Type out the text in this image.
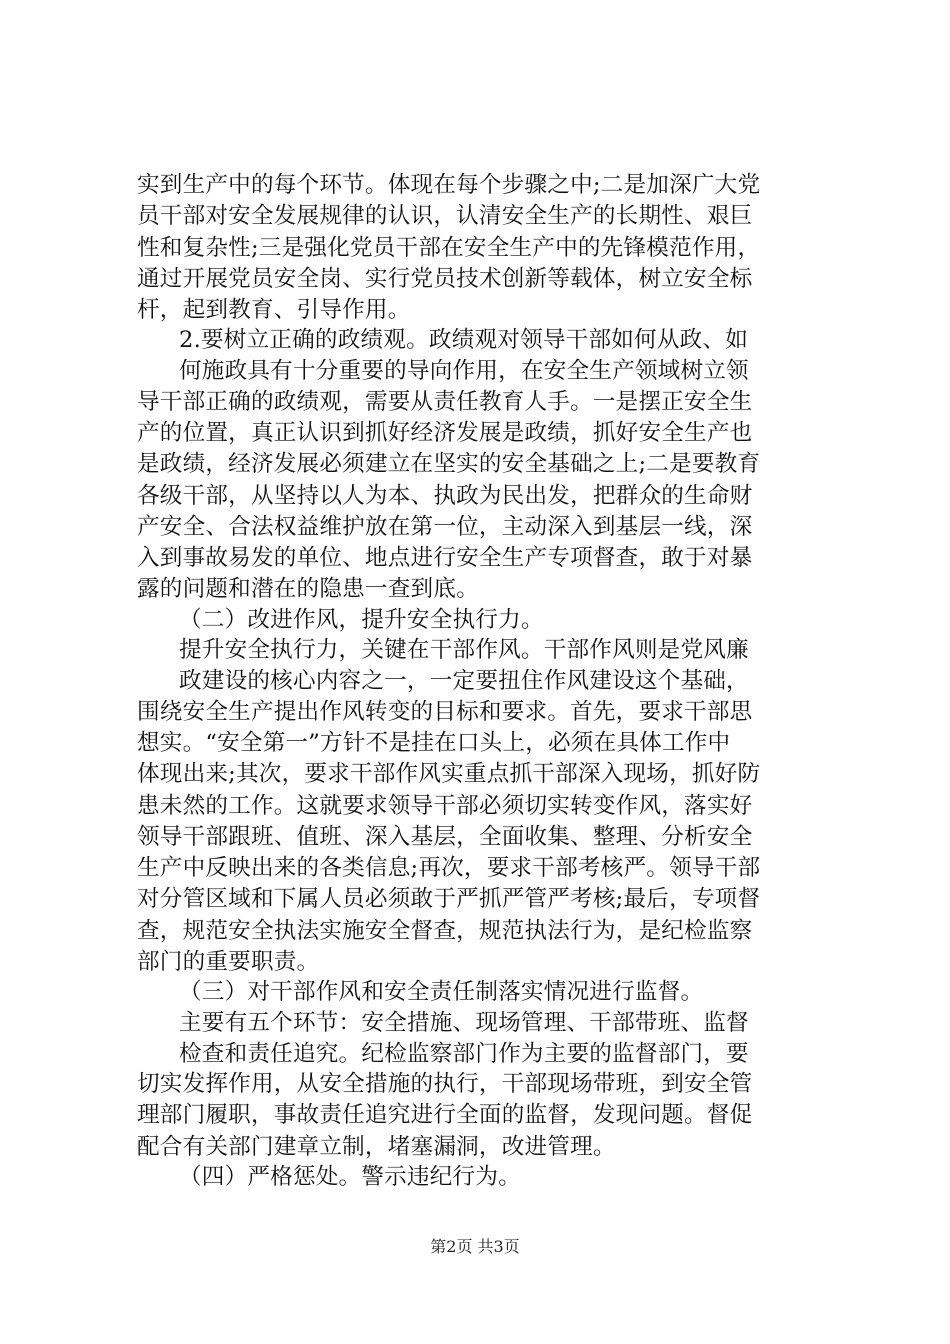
实到生产中的每个环节。体现在每个步骤之中;二是加深广大党
员干部对安全发展规律的认识，认清安全生产的长期性、艰巨
性和复杂性;三是强化党员干部在安全生产中的先锋模范作用，
通过开展党员安全岗、实行党员技术创新等载体，树立安全标
杆，起到教育、引导作用。
2.要树立正确的政绩观。政绩观对领导干部如何从政、如
何施政具有十分重要的导向作用，在安全生产领域树立领
导干部正确的政绩观，需要从责任教育人手。一是摆正安全生
产的位置，真正认识到抓好经济发展是政绩，抓好安全生产也
是政绩，经济发展必须建立在坚实的安全基础之上;二是要教育
各级干部，从坚持以人为本、执政为民出发，把群众的生命财
产安全、合法权益维护放在第一位，主动深入到基层一线，深
入到事故易发的单位、地点进行安全生产专项督查，敢于对暴
露的问题和潜在的隐患一查到底。
（二）改进作风，提升安全执行力。
提升安全执行力，关键在干部作风。干部作风则是党风廉
政建设的核心内容之一，一定要扭住作风建设这个基础，
围绕安全生产提出作风转变的目标和要求。首先，要求干部思
想实。“安全第一”方针不是挂在口头上，必须在具体工作中
体现出来;其次，要求干部作风实重点抓干部深入现场，抓好防
患未然的工作。这就要求领导干部必须切实转变作风，落实好
领导干部跟班、值班、深入基层，全面收集、整理、分析安全
生产中反映出来的各类信息;再次，要求干部考核严。领导干部
对分管区域和下属人员必须敢于严抓严管严考核;最后，专项督
查，规范安全执法实施安全督查，规范执法行为，是纪检监察
部门的重要职责。
（三）对干部作风和安全责任制落实情况进行监督。
主要有五个环节：安全措施、现场管理、干部带班、监督
检查和责任追究。纪检监察部门作为主要的监督部门，要
切实发挥作用，从安全措施的执行，干部现场带班，到安全管
理部门履职，事故责任追究进行全面的监督，发现问题。督促
配合有关部门建章立制，堵塞漏洞，改进管理。
（四）严格惩处。警示违纪行为。
第2页 共3页
